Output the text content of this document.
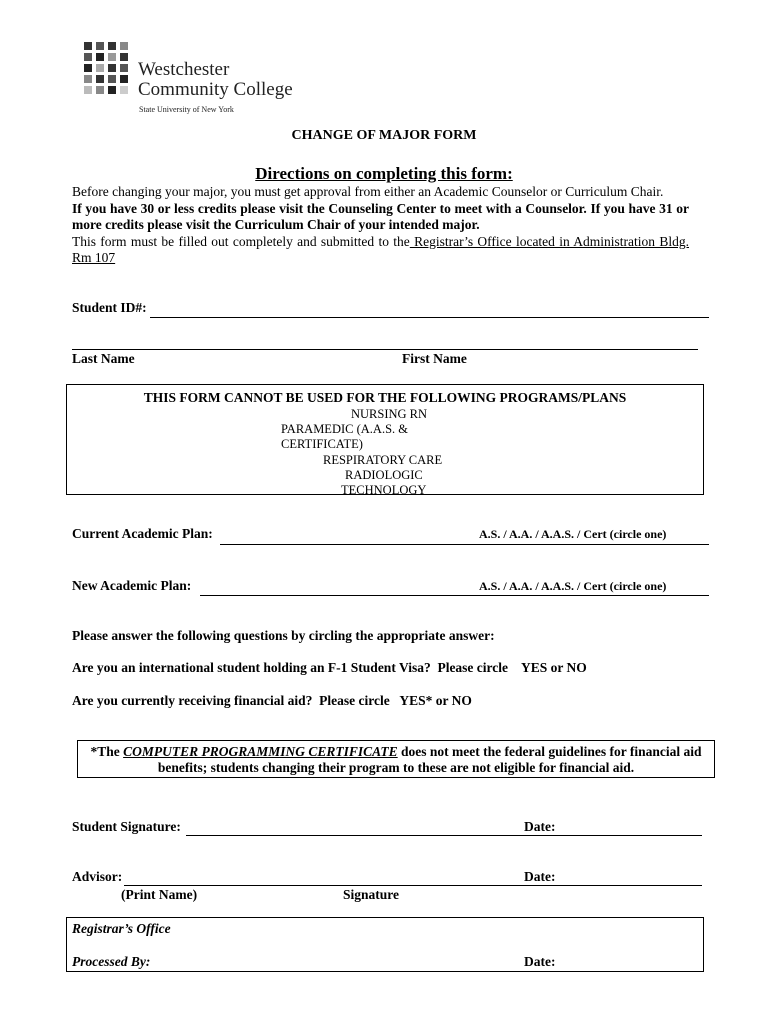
Westchester
Community College
State University of New York
CHANGE OF MAJOR FORM
Directions on completing this form:
Before changing your major, you must get approval from either an Academic Counselor or Curriculum Chair.
If you have 30 or less credits please visit the Counseling Center to meet with a Counselor. If you have 31 or more credits please visit the Curriculum Chair of your intended major.
This form must be filled out completely and submitted to the Registrar’s Office located in Administration Bldg. Rm 107
Student ID#:
Last Name	First Name
THIS FORM CANNOT BE USED FOR THE FOLLOWING PROGRAMS/PLANS
NURSING RN
PARAMEDIC (A.A.S. &
CERTIFICATE)
RESPIRATORY CARE
RADIOLOGIC
TECHNOLOGY
Current Academic Plan:	A.S. / A.A. / A.A.S. / Cert (circle one)
New Academic Plan:	A.S. / A.A. / A.A.S. / Cert (circle one)
Please answer the following questions by circling the appropriate answer:
Are you an international student holding an F-1 Student Visa?  Please circle    YES or NO
Are you currently receiving financial aid?  Please circle   YES* or NO
*The COMPUTER PROGRAMMING CERTIFICATE does not meet the federal guidelines for financial aid benefits; students changing their program to these are not eligible for financial aid.
Student Signature:	Date:
Advisor:	Date:
(Print Name)	Signature
Registrar’s Office
Processed By:	Date:
